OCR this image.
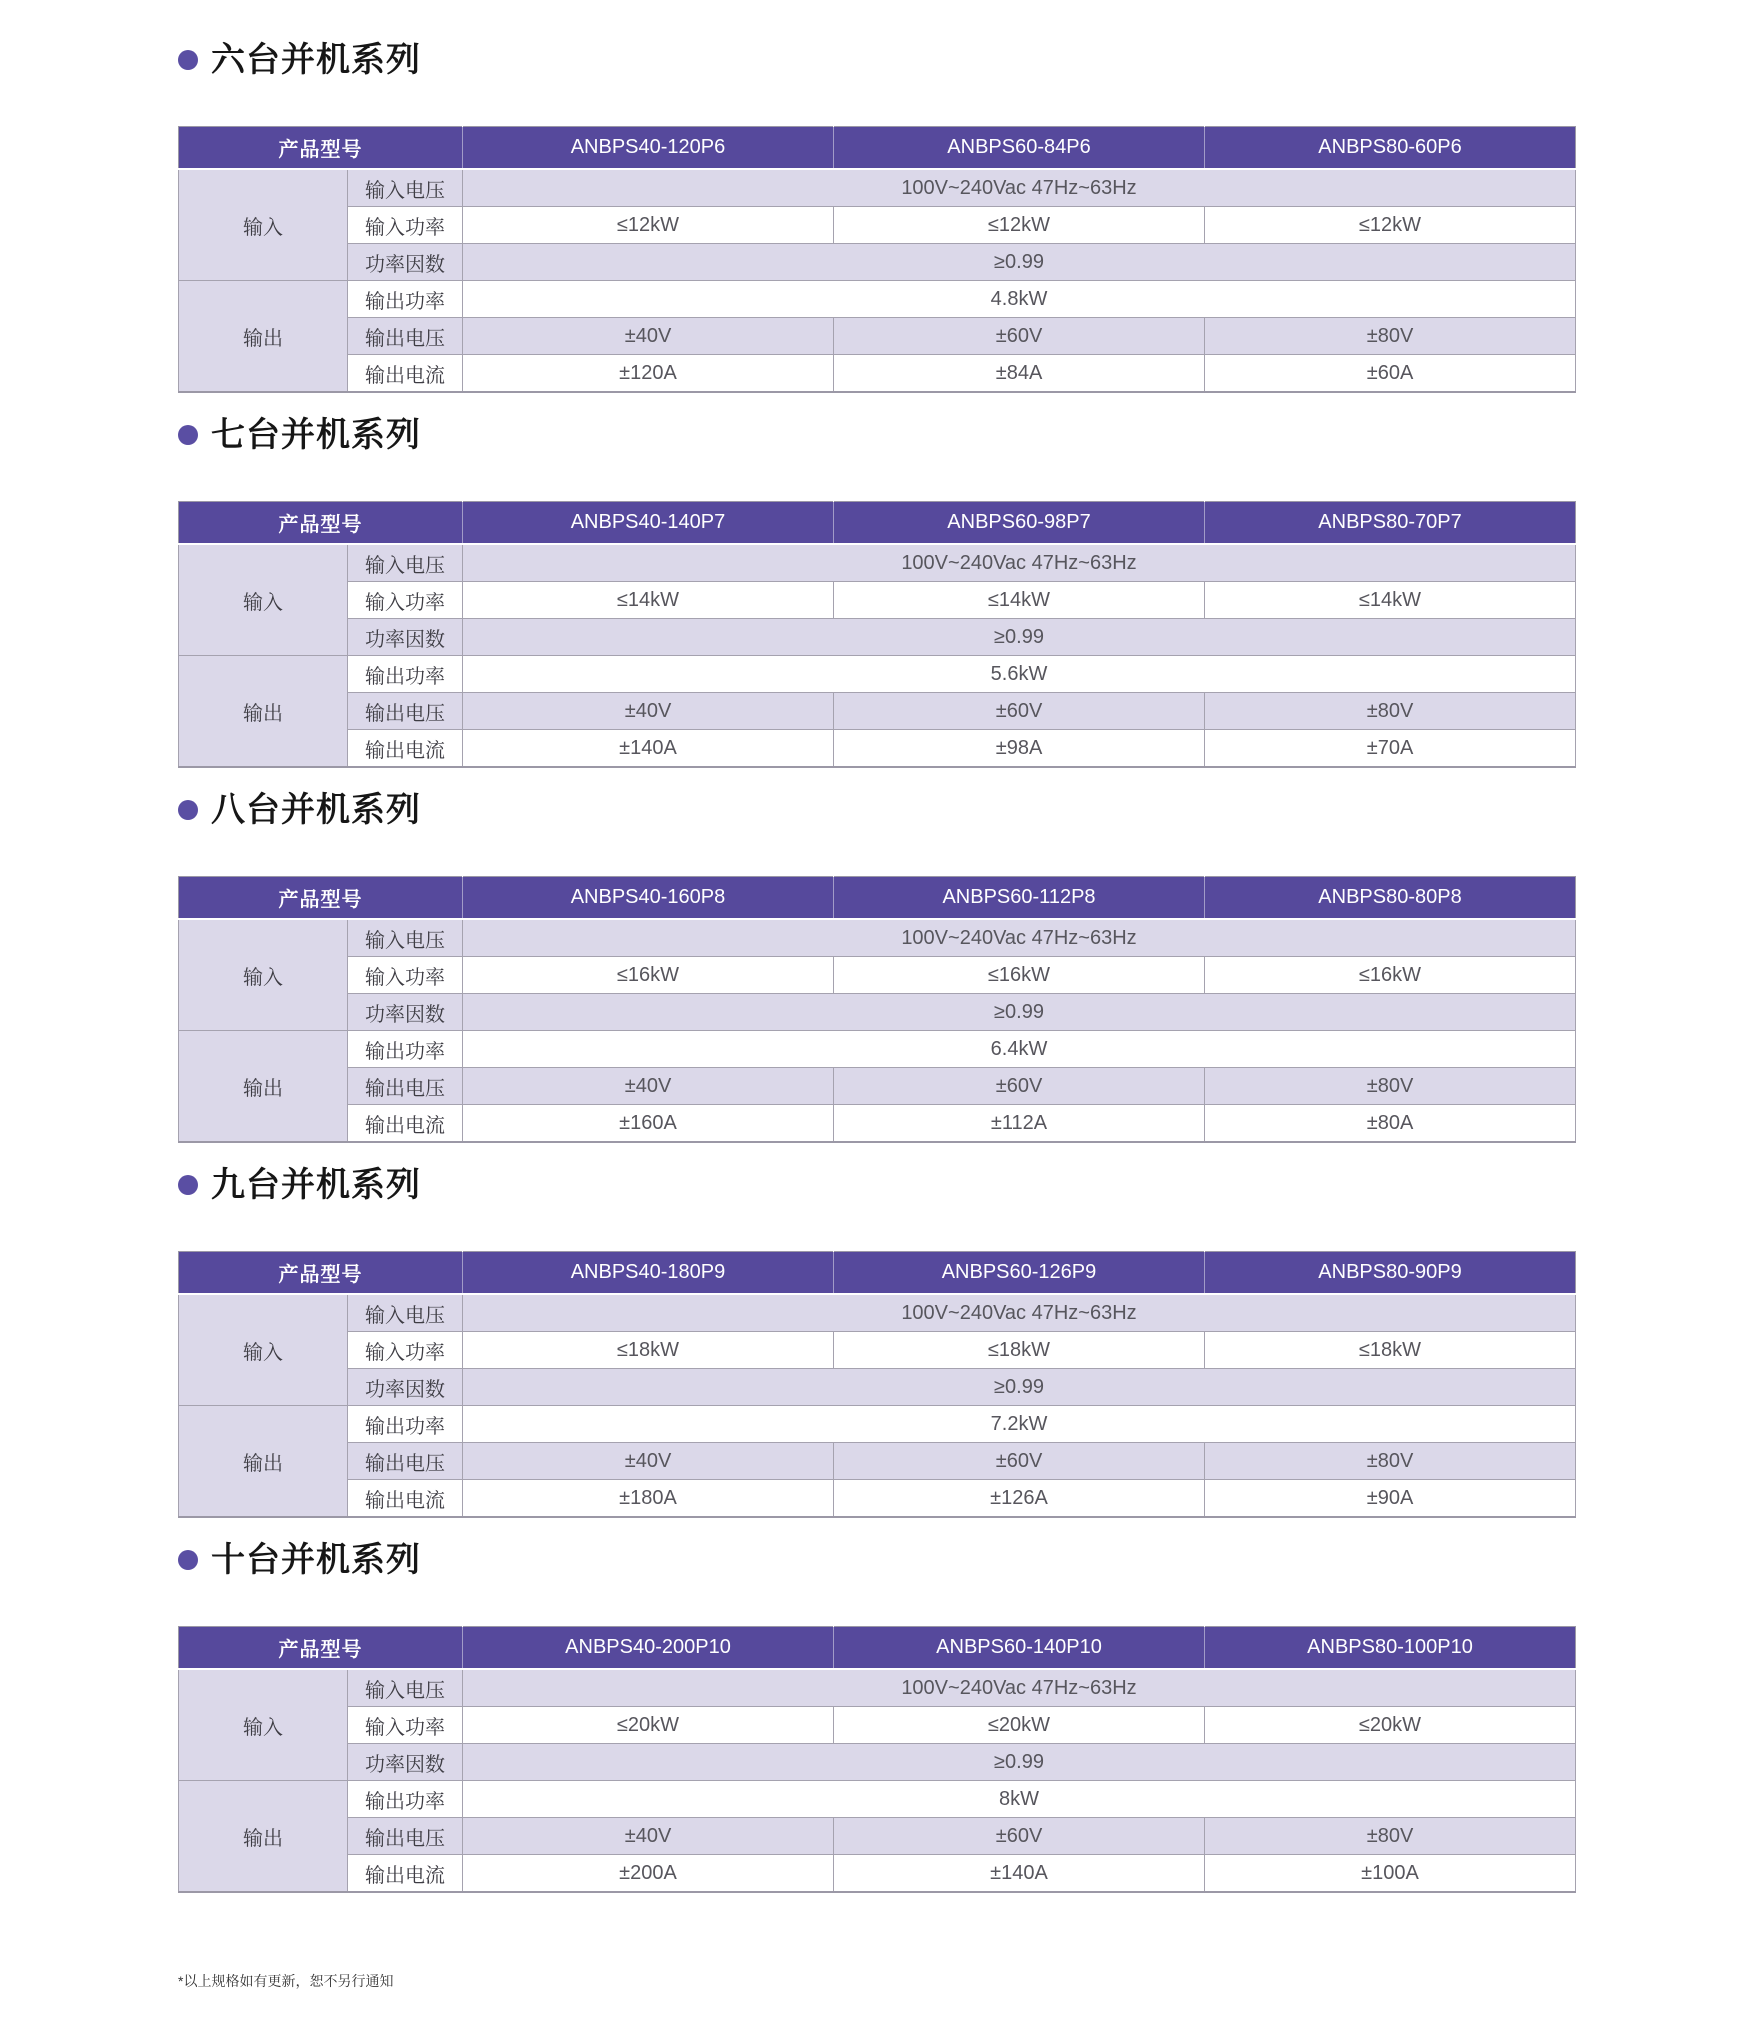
六台并机系列
产品型号		ANBPS40-120P6	ANBPS60-84P6	ANBPS80-60P6
输入	输入电压	100V~240Vac 47Hz~63Hz		
	输入功率	≤12kW	≤12kW	≤12kW
	功率因数	≥0.99		
输出	输出功率	4.8kW		
	输出电压	±40V	±60V	±80V
	输出电流	±120A	±84A	±60A
七台并机系列
产品型号		ANBPS40-140P7	ANBPS60-98P7	ANBPS80-70P7
输入	输入电压	100V~240Vac 47Hz~63Hz		
	输入功率	≤14kW	≤14kW	≤14kW
	功率因数	≥0.99		
输出	输出功率	5.6kW		
	输出电压	±40V	±60V	±80V
	输出电流	±140A	±98A	±70A
八台并机系列
产品型号		ANBPS40-160P8	ANBPS60-112P8	ANBPS80-80P8
输入	输入电压	100V~240Vac 47Hz~63Hz		
	输入功率	≤16kW	≤16kW	≤16kW
	功率因数	≥0.99		
输出	输出功率	6.4kW		
	输出电压	±40V	±60V	±80V
	输出电流	±160A	±112A	±80A
九台并机系列
产品型号		ANBPS40-180P9	ANBPS60-126P9	ANBPS80-90P9
输入	输入电压	100V~240Vac 47Hz~63Hz		
	输入功率	≤18kW	≤18kW	≤18kW
	功率因数	≥0.99		
输出	输出功率	7.2kW		
	输出电压	±40V	±60V	±80V
	输出电流	±180A	±126A	±90A
十台并机系列
产品型号		ANBPS40-200P10	ANBPS60-140P10	ANBPS80-100P10
输入	输入电压	100V~240Vac 47Hz~63Hz		
	输入功率	≤20kW	≤20kW	≤20kW
	功率因数	≥0.99		
输出	输出功率	8kW		
	输出电压	±40V	±60V	±80V
	输出电流	±200A	±140A	±100A
*以上规格如有更新，恕不另行通知
